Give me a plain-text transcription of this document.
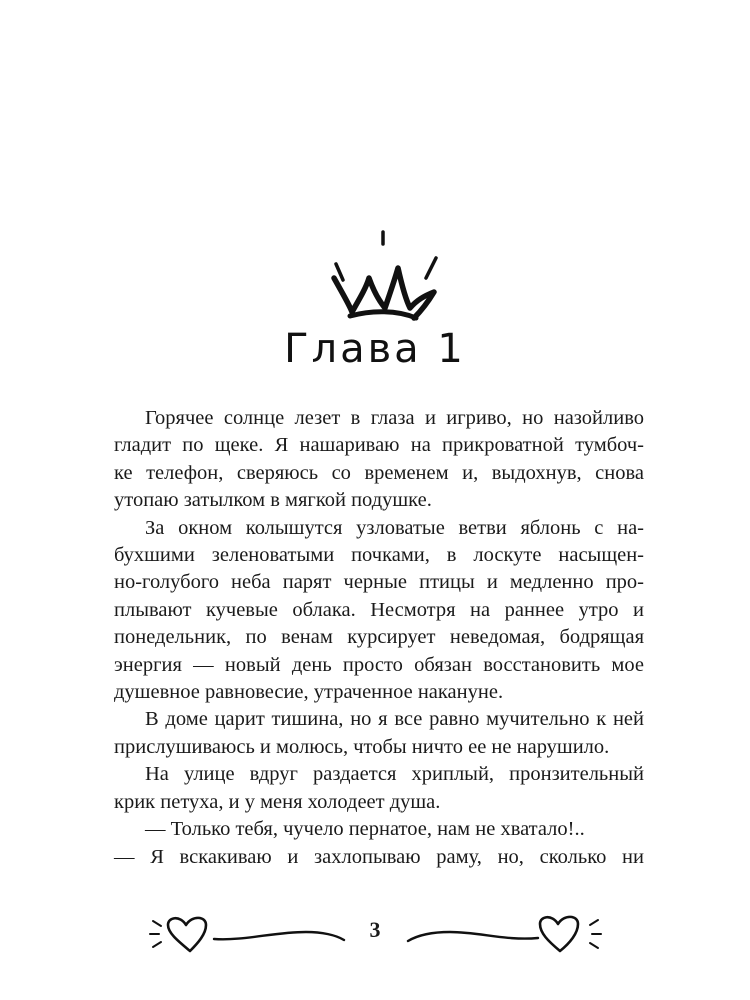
Глава 1
Горячее солнце лезет в глаза и игриво, но назойливо
гладит по щеке. Я нашариваю на прикроватной тумбоч-
ке телефон, сверяюсь со временем и, выдохнув, снова
утопаю затылком в мягкой подушке.
За окном колышутся узловатые ветви яблонь с на-
бухшими зеленоватыми почками, в лоскуте насыщен-
но-голубого неба парят черные птицы и медленно про-
плывают кучевые облака. Несмотря на раннее утро и
понедельник, по венам курсирует неведомая, бодрящая
энергия — новый день просто обязан восстановить мое
душевное равновесие, утраченное накануне.
В доме царит тишина, но я все равно мучительно к ней
прислушиваюсь и молюсь, чтобы ничто ее не нарушило.
На улице вдруг раздается хриплый, пронзительный
крик петуха, и у меня холодеет душа.
— Только тебя, чучело пернатое, нам не хватало!..
— Я вскакиваю и захлопываю раму, но, сколько ни
3
